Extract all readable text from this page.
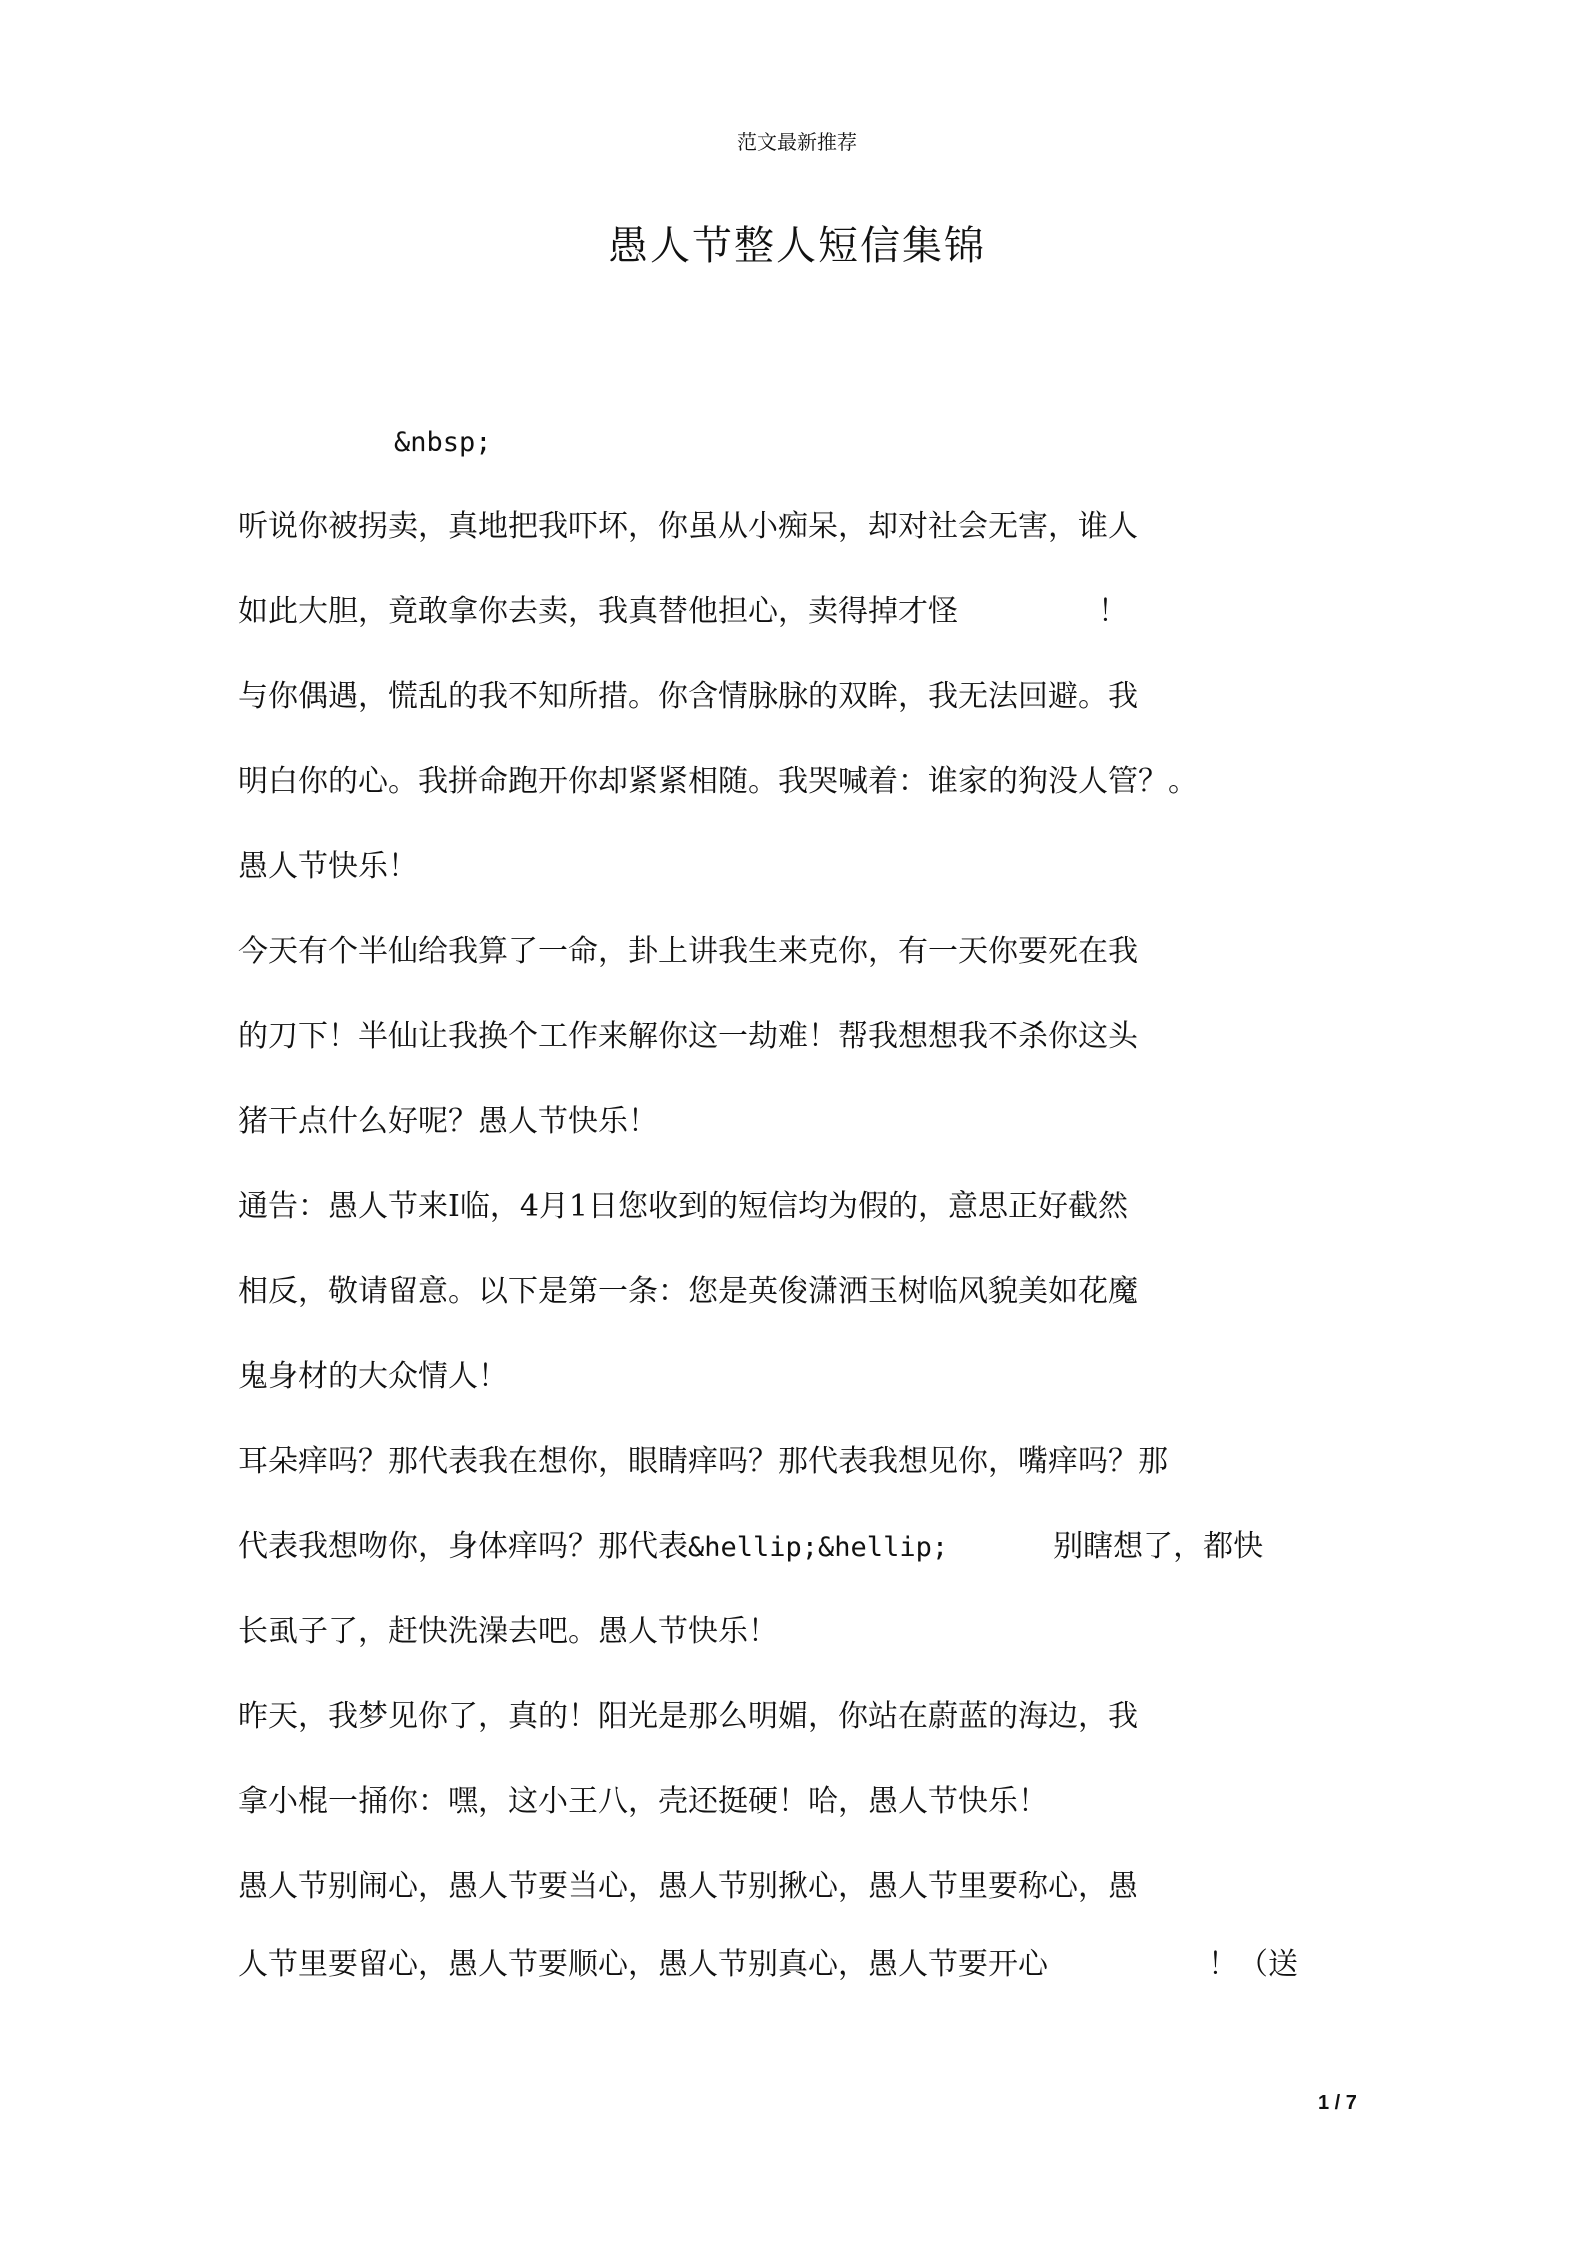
范文最新推荐
愚人节整人短信集锦
&nbsp;
听说你被拐卖，真地把我吓坏，你虽从小痴呆，却对社会无害，谁人
如此大胆，竟敢拿你去卖，我真替他担心，卖得掉才怪	！
与你偶遇，慌乱的我不知所措。你含情脉脉的双眸，我无法回避。我
明白你的心。我拼命跑开你却紧紧相随。我哭喊着：谁家的狗没人管？。
愚人节快乐！
今天有个半仙给我算了一命，卦上讲我生来克你，有一天你要死在我
的刀下！半仙让我换个工作来解你这一劫难！帮我想想我不杀你这头
猪干点什么好呢？愚人节快乐！
通告：愚人节来I临，4月1日您收到的短信均为假的，意思正好截然
相反，敬请留意。以下是第一条：您是英俊潇洒玉树临风貌美如花魔
鬼身材的大众情人！
耳朵痒吗？那代表我在想你，眼睛痒吗？那代表我想见你，嘴痒吗？那
代表我想吻你，身体痒吗？那代表&hellip;&hellip;	别瞎想了，都快
长虱子了，赶快洗澡去吧。愚人节快乐！
昨天，我梦见你了，真的！阳光是那么明媚，你站在蔚蓝的海边，我
拿小棍一捅你：嘿，这小王八，壳还挺硬！哈，愚人节快乐！
愚人节别闹心，愚人节要当心，愚人节别揪心，愚人节里要称心，愚
人节里要留心，愚人节要顺心，愚人节别真心，愚人节要开心	！（送
1 / 7
